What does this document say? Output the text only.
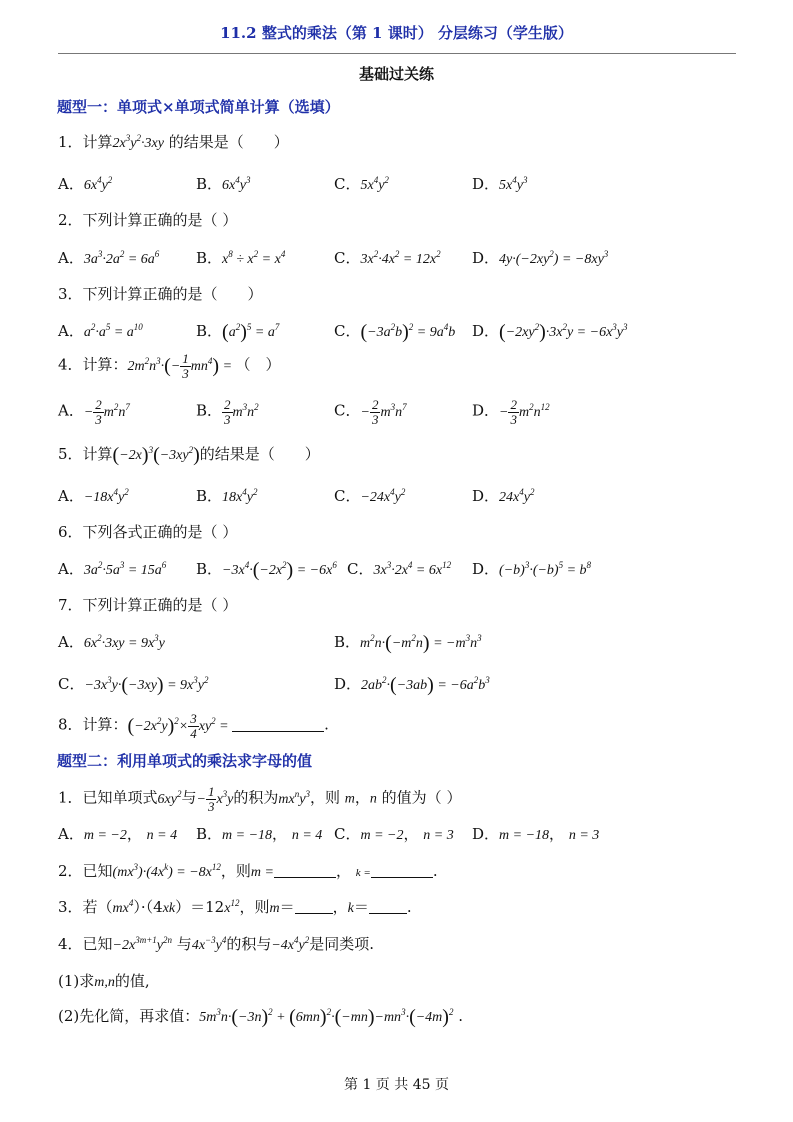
11.2 整式的乘法（第 1 课时） 分层练习（学生版）
基础过关练
题型一：单项式×单项式简单计算（选填）
1．计算$2x^3y^2\cdot 3xy$ 的结果是（　　）
A．$6x^4y^2$	B．$6x^4y^3$	C．$5x^4y^2$	D．$5x^4y^3$
2．下列计算正确的是（ ）
A．$3a^3\cdot 2a^2 = 6a^6$ B．$x^8 \div x^2 = x^4$	C．$3x^2\cdot 4x^2 = 12x^2$ D．$4y\cdot(-2xy^2) = -8xy^3$
3．下列计算正确的是（　　）
A．$a^2\cdot a^5 = a^{10}$	B．$(a^2)^5 = a^7$	C．$(-3a^2b)^2 = 9a^4b$ D．$(-2xy^2)\cdot 3x^2y = -6x^3y^3$
4．计算：$2m^2n^3\cdot(- \frac{1}{3} mn^4)$ = （　）
A．− $\frac{2}{3} m^2n^7$	B． $\frac{2}{3} m^3n^2$	C．− $\frac{2}{3} m^3n^7$	D．− $\frac{2}{3} m^2n^{12}$
5．计算$(-2x)^3(-3xy^2)$的结果是（　　）
A．$-18x^4y^2$	B．$18x^4y^2$	C．$-24x^4y^2$	D．$24x^4y^2$
6．下列各式正确的是（ ）
A．$3a^2\cdot 5a^3 = 15a^6$ B．$-3x^4\cdot(-2x^2) = -6x^6$ C．$3x^3\cdot 2x^4 = 6x^{12}$ D．$(-b)^3\cdot(-b)^5 = b^8$
7．下列计算正确的是（ ）
A．$6x^2\cdot 3xy = 9x^3y$	B．$m^2n\cdot(-m^2n) = -m^3n^3$
C．$-3x^3y\cdot(-3xy) = 9x^3y^2$	D．$2ab^2\cdot(-3ab) = -6a^2b^3$
8．计算：$(-2x^2y)^2\times \frac{3}{4} xy^2$ =	.
题型二：利用单项式的乘法求字母的值
1．已知单项式$6xy^2$与− $\frac{1}{3} x^3y$的积为$mx^ny^3$，则 m，n 的值为（ ）
A．m = −2， n = 4 B．m = −18， n = 4 C．m = −2， n = 3 D．m = −18， n = 3
2．已知$(mx^3)\cdot(4x^k) = -8x^{12}$，则m =	， k =	.
3．若$(mx^4)\cdot(4xk)=12x^{12}$，则m＝	，k＝	.
4．已知$-2x^{3m+1}y^{2n}$ 与$4x^{-3}y^4$的积与$-4x^4y^2$是同类项.
(1)求m,n的值,
(2)先化简，再求值：$5m^3n\cdot(-3n)^2 + (6mn)^2\cdot(-mn)-mn^3\cdot(-4m)^2$ .
第 1 页 共 45 页
